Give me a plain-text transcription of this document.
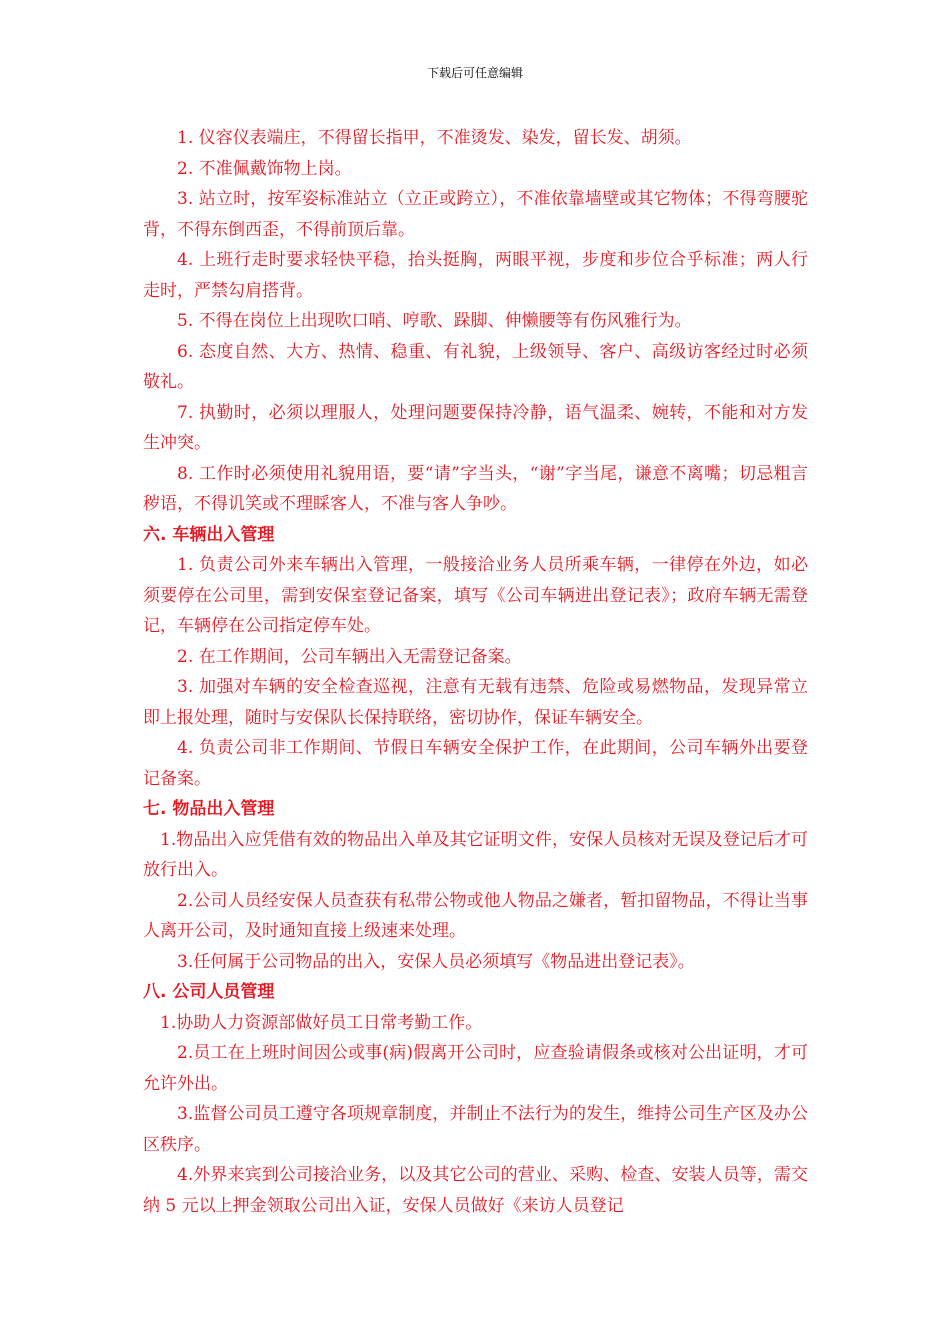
下载后可任意编辑

1. 仪容仪表端庄，不得留长指甲，不准烫发、染发，留长发、胡须。

2. 不准佩戴饰物上岗。

3. 站立时，按军姿标准站立（立正或跨立），不准依靠墙壁或其它物体；不得弯腰驼背，不得东倒西歪，不得前顶后靠。

4. 上班行走时要求轻快平稳，抬头挺胸，两眼平视，步度和步位合乎标准；两人行走时，严禁勾肩搭背。

5. 不得在岗位上出现吹口哨、哼歌、跺脚、伸懒腰等有伤风雅行为。

6. 态度自然、大方、热情、稳重、有礼貌，上级领导、客户、高级访客经过时必须敬礼。

7. 执勤时，必须以理服人，处理问题要保持冷静，语气温柔、婉转，不能和对方发生冲突。

8. 工作时必须使用礼貌用语，要“请”字当头，“谢”字当尾，谦意不离嘴；切忌粗言秽语，不得讥笑或不理睬客人，不准与客人争吵。

六. 车辆出入管理

1. 负责公司外来车辆出入管理，一般接洽业务人员所乘车辆，一律停在外边，如必须要停在公司里，需到安保室登记备案，填写《公司车辆进出登记表》；政府车辆无需登记，车辆停在公司指定停车处。

2. 在工作期间，公司车辆出入无需登记备案。

3. 加强对车辆的安全检查巡视，注意有无载有违禁、危险或易燃物品，发现异常立即上报处理，随时与安保队长保持联络，密切协作，保证车辆安全。

4. 负责公司非工作期间、节假日车辆安全保护工作，在此期间，公司车辆外出要登记备案。

七. 物品出入管理

1.物品出入应凭借有效的物品出入单及其它证明文件，安保人员核对无误及登记后才可放行出入。

2.公司人员经安保人员查获有私带公物或他人物品之嫌者，暂扣留物品，不得让当事人离开公司，及时通知直接上级速来处理。

3.任何属于公司物品的出入，安保人员必须填写《物品进出登记表》。

八. 公司人员管理

1.协助人力资源部做好员工日常考勤工作。

2.员工在上班时间因公或事(病)假离开公司时，应查验请假条或核对公出证明，才可允许外出。

3.监督公司员工遵守各项规章制度，并制止不法行为的发生，维持公司生产区及办公区秩序。

4.外界来宾到公司接洽业务，以及其它公司的营业、采购、检查、安装人员等，需交纳 5 元以上押金领取公司出入证，安保人员做好《来访人员登记
